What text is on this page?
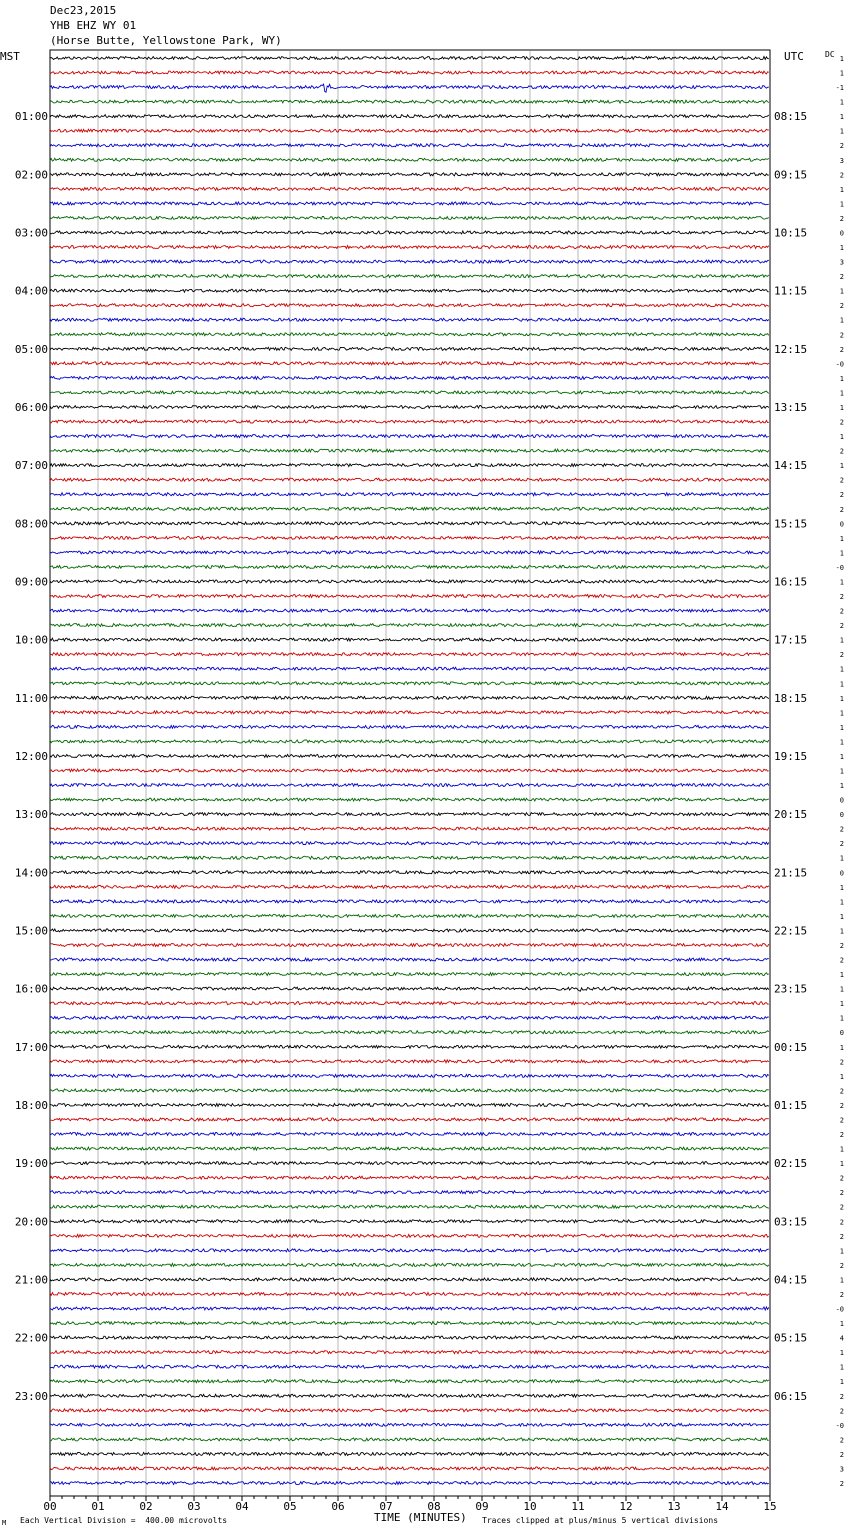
Dec23,2015
YHB EHZ WY 01
(Horse Butte, Yellowstone Park, WY)
MST	UTC	DC
01:00	08:15
02:00	09:15
03:00	10:15
04:00	11:15
05:00	12:15
06:00	13:15
07:00	14:15
08:00	15:15
09:00	16:15
10:00	17:15
11:00	18:15
12:00	19:15
13:00	20:15
14:00	21:15
15:00	22:15
16:00	23:15
17:00	00:15
18:00	01:15
19:00	02:15
20:00	03:15
21:00	04:15
22:00	05:15
23:00	06:15
1
1
-1
1
1
1
2
3
2
1
1
2
0
1
3
2
1
2
1
2
2
-0
1
1
1
2
1
2
1
2
2
2
0
1
1
-0
1
2
2
2
1
2
1
1
1
1
1
1
1
1
1
0
0
2
2
1
0
1
1
1
1
2
2
1
1
1
1
0
1
2
1
2
2
2
2
1
1
2
2
2
2
2
1
2
1
2
-0
1
4
1
1
1
2
2
-0
2
2
3
2
00	01	02	03	04	05	06	07	08	09	10	11	12	13	14	15
M Each Vertical Division =  400.00 microvolts	TIME (MINUTES) Traces clipped at plus/minus 5 vertical divisions
